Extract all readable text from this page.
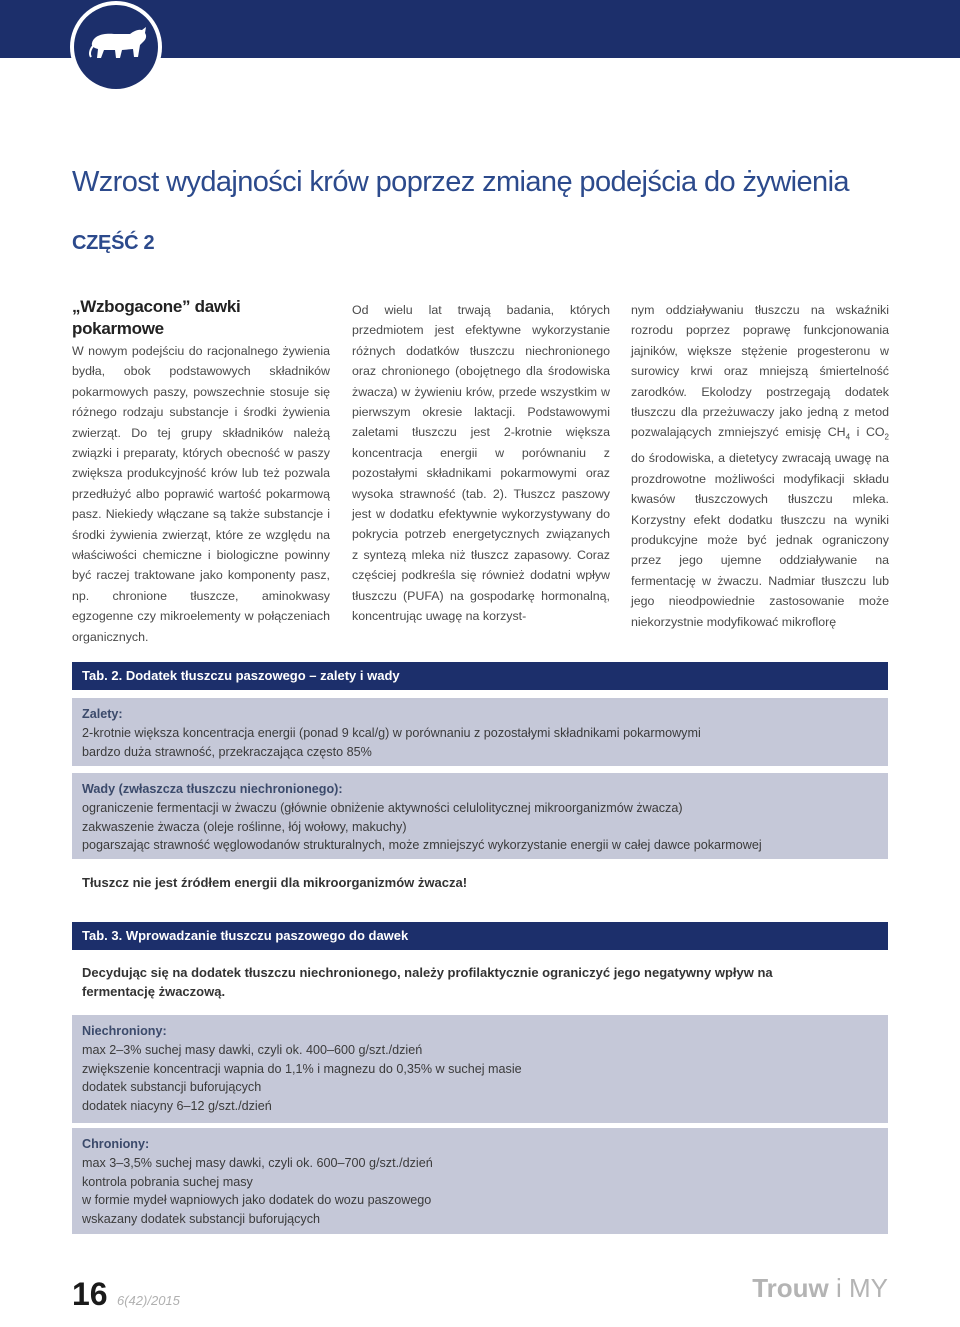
Wzrost wydajności krów poprzez zmianę podejścia do żywienia
CZĘŚĆ 2

„Wzbogacone” dawki pokarmowe

W nowym podejściu do racjonalnego żywienia bydła, obok podstawowych składników pokarmowych paszy, powszechnie stosuje się różnego rodzaju substancje i środki żywienia zwierząt. Do tej grupy składników należą związki i preparaty, których obecność w paszy zwiększa produkcyjność krów lub też pozwala przedłużyć albo poprawić wartość pokarmową pasz. Niekiedy włączane są także substancje i środki żywienia zwierząt, które ze względu na właściwości chemiczne i biologiczne powinny być raczej traktowane jako komponenty pasz, np. chronione tłuszcze, aminokwasy egzogenne czy mikroelementy w połączeniach organicznych.

Od wielu lat trwają badania, których przedmiotem jest efektywne wykorzystanie różnych dodatków tłuszczu niechronionego oraz chronionego (obojętnego dla środowiska żwacza) w żywieniu krów, przede wszystkim w pierwszym okresie laktacji. Podstawowymi zaletami tłuszczu jest 2-krotnie większa koncentracja energii w porównaniu z pozostałymi składnikami pokarmowymi oraz wysoka strawność (tab. 2). Tłuszcz paszowy jest w dodatku efektywnie wykorzystywany do pokrycia potrzeb energetycznych związanych z syntezą mleka niż tłuszcz zapasowy. Coraz częściej podkreśla się również dodatni wpływ tłuszczu (PUFA) na gospodarkę hormonalną, koncentrując uwagę na korzyst-

nym oddziaływaniu tłuszczu na wskaźniki rozrodu poprzez poprawę funkcjonowania jajników, większe stężenie progesteronu w surowicy krwi oraz mniejszą śmiertelność zarodków. Ekolodzy postrzegają dodatek tłuszczu dla przeżuwaczy jako jedną z metod pozwalających zmniejszyć emisję $CH_4$ i $CO_2$ do środowiska, a dietetycy zwracają uwagę na prozdrowotne możliwości modyfikacji składu kwasów tłuszczowych tłuszczu mleka. Korzystny efekt dodatku tłuszczu na wyniki produkcyjne może być jednak ograniczony przez jego ujemne oddziaływanie na fermentację w żwaczu. Nadmiar tłuszczu lub jego nieodpowiednie zastosowanie może niekorzystnie modyfikować mikroflorę

Tab. 2. Dodatek tłuszczu paszowego – zalety i wady
Zalety:
2-krotnie większa koncentracja energii (ponad 9 kcal/g) w porównaniu z pozostałymi składnikami pokarmowymi
bardzo duża strawność, przekraczająca często 85%
Wady (zwłaszcza tłuszczu niechronionego):
ograniczenie fermentacji w żwaczu (głównie obniżenie aktywności celulolitycznej mikroorganizmów żwacza)
zakwaszenie żwacza (oleje roślinne, łój wołowy, makuchy)
pogarszając strawność węglowodanów strukturalnych, może zmniejszyć wykorzystanie energii w całej dawce pokarmowej
Tłuszcz nie jest źródłem energii dla mikroorganizmów żwacza!
Tab. 3. Wprowadzanie tłuszczu paszowego do dawek
Decydując się na dodatek tłuszczu niechronionego, należy profilaktycznie ograniczyć jego negatywny wpływ na
fermentację żwaczową.
Niechroniony:
max 2–3% suchej masy dawki, czyli ok. 400–600 g/szt./dzień
zwiększenie koncentracji wapnia do 1,1% i magnezu do 0,35% w suchej masie
dodatek substancji buforujących
dodatek niacyny 6–12 g/szt./dzień
Chroniony:
max 3–3,5% suchej masy dawki, czyli ok. 600–700 g/szt./dzień
kontrola pobrania suchej masy
w formie mydeł wapniowych jako dodatek do wozu paszowego
wskazany dodatek substancji buforujących
16 6(42)/2015	Trouw i MY
